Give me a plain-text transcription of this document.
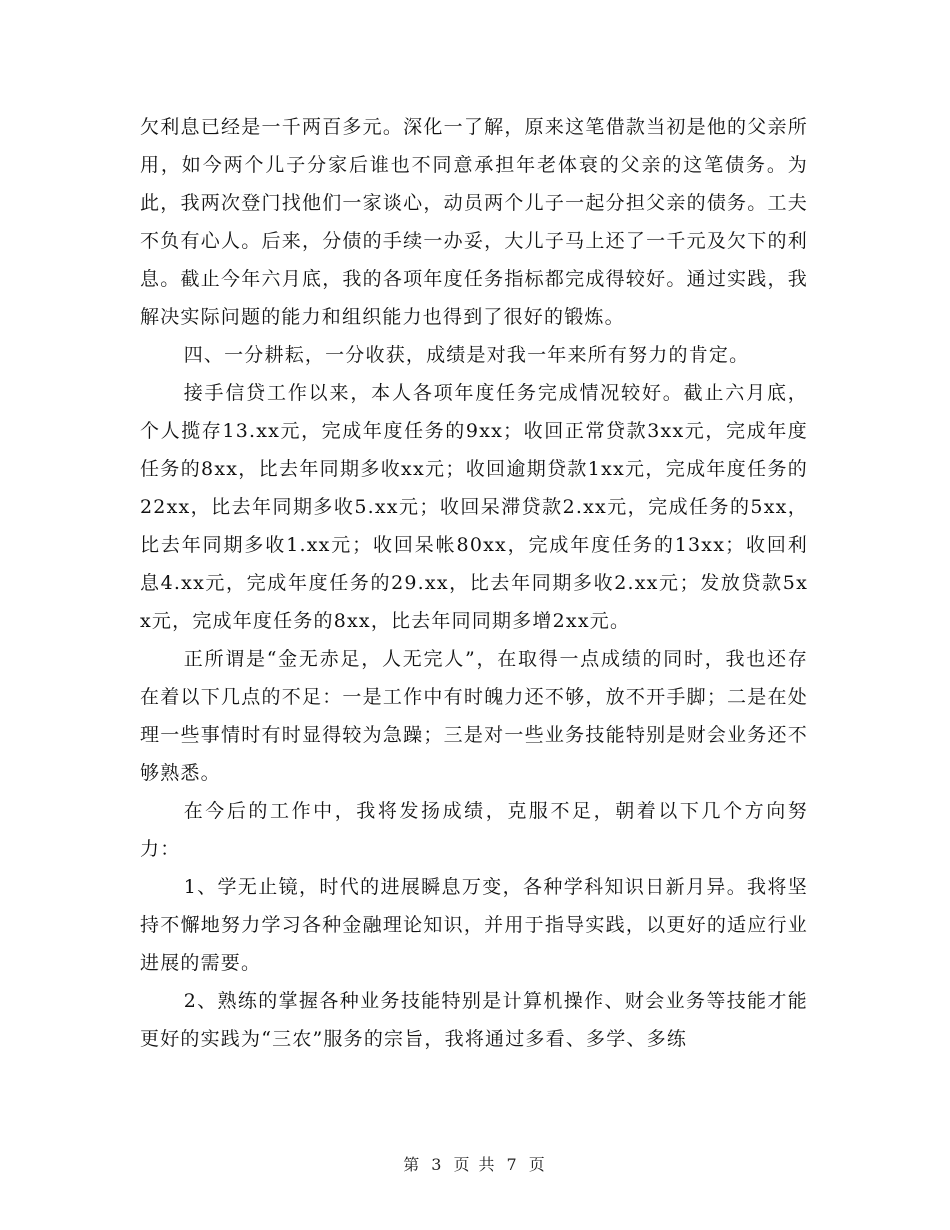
欠利息已经是一千两百多元。深化一了解，原来这笔借款当初是他的父亲所用，如今两个儿子分家后谁也不同意承担年老体衰的父亲的这笔债务。为此，我两次登门找他们一家谈心，动员两个儿子一起分担父亲的债务。工夫不负有心人。后来，分债的手续一办妥，大儿子马上还了一千元及欠下的利息。截止今年六月底，我的各项年度任务指标都完成得较好。通过实践，我解决实际问题的能力和组织能力也得到了很好的锻炼。

四、一分耕耘，一分收获，成绩是对我一年来所有努力的肯定。

接手信贷工作以来，本人各项年度任务完成情况较好。截止六月底，个人揽存13.xx元，完成年度任务的9xx；收回正常贷款3xx元，完成年度任务的8xx，比去年同期多收xx元；收回逾期贷款1xx元，完成年度任务的22xx，比去年同期多收5.xx元；收回呆滞贷款2.xx元，完成任务的5xx，比去年同期多收1.xx元；收回呆帐80xx，完成年度任务的13xx；收回利息4.xx元，完成年度任务的29.xx，比去年同期多收2.xx元；发放贷款5xx元，完成年度任务的8xx，比去年同同期多增2xx元。

正所谓是“金无赤足，人无完人”，在取得一点成绩的同时，我也还存在着以下几点的不足：一是工作中有时魄力还不够，放不开手脚；二是在处理一些事情时有时显得较为急躁；三是对一些业务技能特别是财会业务还不够熟悉。

在今后的工作中，我将发扬成绩，克服不足，朝着以下几个方向努力：

1、学无止镜，时代的进展瞬息万变，各种学科知识日新月异。我将坚持不懈地努力学习各种金融理论知识，并用于指导实践，以更好的适应行业进展的需要。

2、熟练的掌握各种业务技能特别是计算机操作、财会业务等技能才能更好的实践为“三农”服务的宗旨，我将通过多看、多学、多练

第 3 页 共 7 页
